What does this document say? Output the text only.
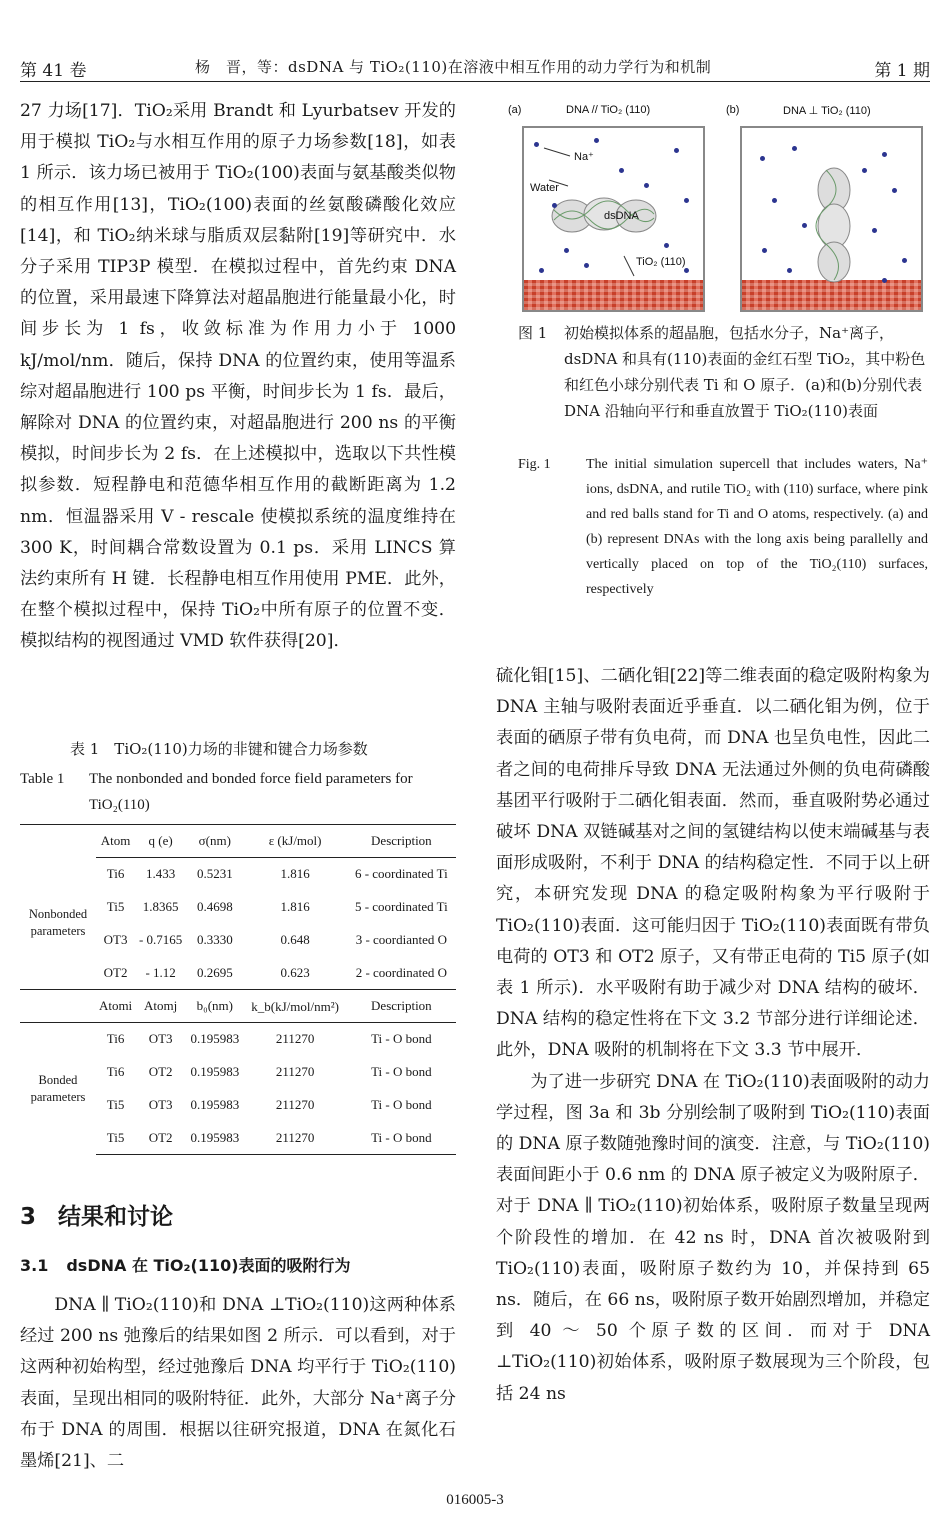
第 41 卷	杨　晋，等：dsDNA 与 TiO₂(110)在溶液中相互作用的动力学行为和机制	第 1 期

27 力场[17]．TiO₂采用 Brandt 和 Lyurbatsev 开发的用于模拟 TiO₂与水相互作用的原子力场参数[18]，如表 1 所示．该力场已被用于 TiO₂(100)表面与氨基酸类似物的相互作用[13]，TiO₂(100)表面的丝氨酸磷酸化效应[14]，和 TiO₂纳米球与脂质双层黏附[19]等研究中．水分子采用 TIP3P 模型．在模拟过程中，首先约束 DNA 的位置，采用最速下降算法对超晶胞进行能量最小化，时间步长为 1 fs，收敛标准为作用力小于 1000 kJ/mol/nm．随后，保持 DNA 的位置约束，使用等温系综对超晶胞进行 100 ps 平衡，时间步长为 1 fs．最后，解除对 DNA 的位置约束，对超晶胞进行 200 ns 的平衡模拟，时间步长为 2 fs．在上述模拟中，选取以下共性模拟参数．短程静电和范德华相互作用的截断距离为 1.2 nm．恒温器采用 V - rescale 使模拟系统的温度维持在 300 K，时间耦合常数设置为 0.1 ps．采用 LINCS 算法约束所有 H 键．长程静电相互作用使用 PME．此外，在整个模拟过程中，保持 TiO₂中所有原子的位置不变．模拟结构的视图通过 VMD 软件获得[20]．

表 1　TiO₂(110)力场的非键和键合力场参数
Table 1 The nonbonded and bonded force field parameters for TiO₂(110)
	Atom	q (e)	σ(nm)	ε (kJ/mol)	Description
Nonbonded parameters	Ti6	1.433	0.5231	1.816	6 - coordinated Ti
	Ti5	1.8365	0.4698	1.816	5 - coordinated Ti
	OT3	- 0.7165	0.3330	0.648	3 - coordianted O
	OT2	- 1.12	0.2695	0.623	2 - coordinated O
	Atomi	Atomj	b₀(nm)	k_b(kJ/mol/nm²)	Description
Bonded parameters	Ti6	OT3	0.195983	211270	Ti - O bond
	Ti6	OT2	0.195983	211270	Ti - O bond
	Ti5	OT3	0.195983	211270	Ti - O bond
	Ti5	OT2	0.195983	211270	Ti - O bond
3 结果和讨论
3.1 dsDNA 在 TiO₂(110)表面的吸附行为

DNA ∥ TiO₂(110)和 DNA ⊥TiO₂(110)这两种体系经过 200 ns 弛豫后的结果如图 2 所示．可以看到，对于这两种初始构型，经过弛豫后 DNA 均平行于 TiO₂(110)表面，呈现出相同的吸附特征．此外，大部分 Na⁺离子分布于 DNA 的周围．根据以往研究报道，DNA 在氮化石墨烯[21]、二

(a)	DNA // TiO₂ (110)	(b)	DNA ⊥ TiO₂ (110)
Na⁺
Water
dsDNA
TiO₂ (110)
图 1 初始模拟体系的超晶胞，包括水分子，Na⁺离子，dsDNA 和具有(110)表面的金红石型 TiO₂，其中粉色和红色小球分别代表 Ti 和 O 原子．(a)和(b)分别代表 DNA 沿轴向平行和垂直放置于 TiO₂(110)表面
Fig. 1	The initial simulation supercell that includes waters, Na⁺ ions, dsDNA, and rutile TiO₂ with (110) surface, where pink and red balls stand for Ti and O atoms, respectively. (a) and (b) represent DNAs with the long axis being parallelly and vertically placed on top of the TiO₂(110) surfaces, respectively

硫化钼[15]、二硒化钼[22]等二维表面的稳定吸附构象为 DNA 主轴与吸附表面近乎垂直．以二硒化钼为例，位于表面的硒原子带有负电荷，而 DNA 也呈负电性，因此二者之间的电荷排斥导致 DNA 无法通过外侧的负电荷磷酸基团平行吸附于二硒化钼表面．然而，垂直吸附势必通过破坏 DNA 双链碱基对之间的氢键结构以使末端碱基与表面形成吸附，不利于 DNA 的结构稳定性．不同于以上研究，本研究发现 DNA 的稳定吸附构象为平行吸附于 TiO₂(110)表面．这可能归因于 TiO₂(110)表面既有带负电荷的 OT3 和 OT2 原子，又有带正电荷的 Ti5 原子(如表 1 所示)．水平吸附有助于减少对 DNA 结构的破坏．DNA 结构的稳定性将在下文 3.2 节部分进行详细论述．此外，DNA 吸附的机制将在下文 3.3 节中展开．

为了进一步研究 DNA 在 TiO₂(110)表面吸附的动力学过程，图 3a 和 3b 分别绘制了吸附到 TiO₂(110)表面的 DNA 原子数随弛豫时间的演变．注意，与 TiO₂(110)表面间距小于 0.6 nm 的 DNA 原子被定义为吸附原子．对于 DNA ∥ TiO₂(110)初始体系，吸附原子数量呈现两个阶段性的增加．在 42 ns 时，DNA 首次被吸附到 TiO₂(110)表面，吸附原子数约为 10，并保持到 65 ns．随后，在 66 ns，吸附原子数开始剧烈增加，并稳定到 40 ～ 50 个原子数的区间．而对于 DNA ⊥TiO₂(110)初始体系，吸附原子数展现为三个阶段，包括 24 ns

016005-3
